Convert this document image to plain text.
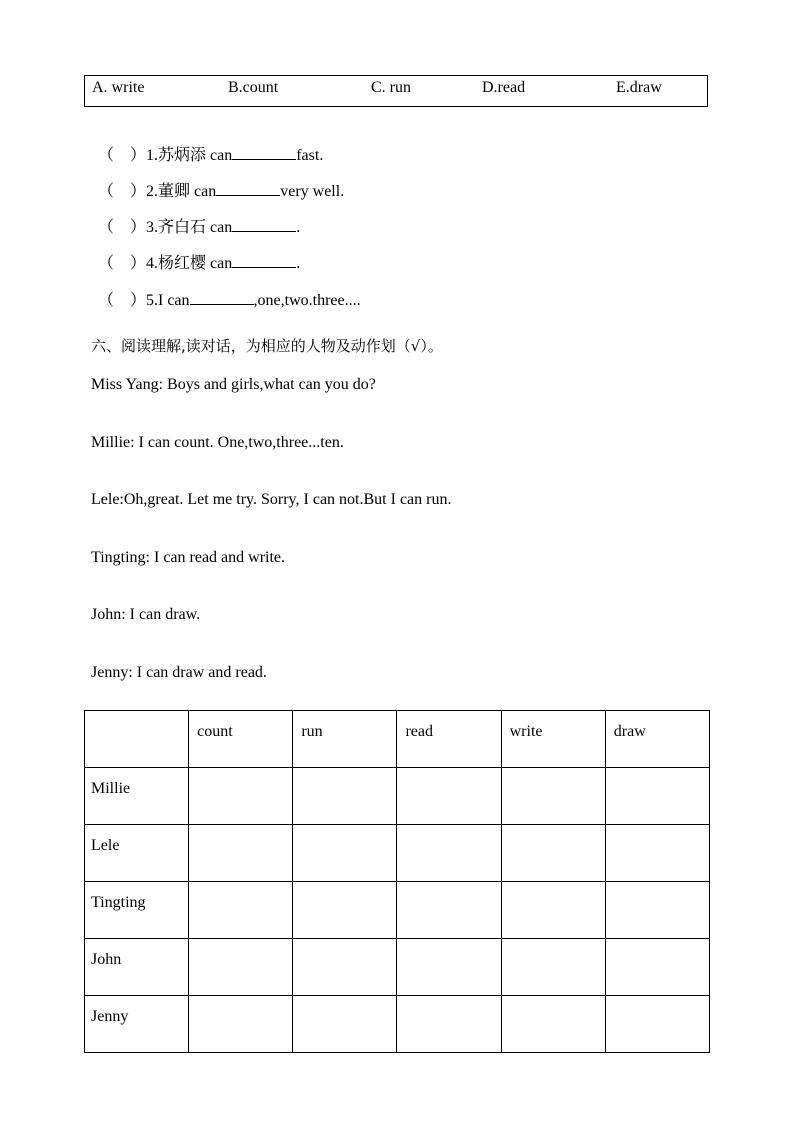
A. write	B.count	C. run	D.read	E.draw
（　）1.苏炳添 can	fast.
（　）2.董卿 can	very well.
（　）3.齐白石 can	.
（　）4.杨红樱 can	.
（　）5.I can	,one,two.three....
六、阅读理解,读对话，为相应的人物及动作划（√）。
Miss Yang: Boys and girls,what can you do?
Millie: I can count. One,two,three...ten.
Lele:Oh,great. Let me try. Sorry, I can not.But I can run.
Tingting: I can read and write.
John: I can draw.
Jenny: I can draw and read.
	count	run	read	write	draw
Millie					
Lele					
Tingting					
John					
Jenny					
